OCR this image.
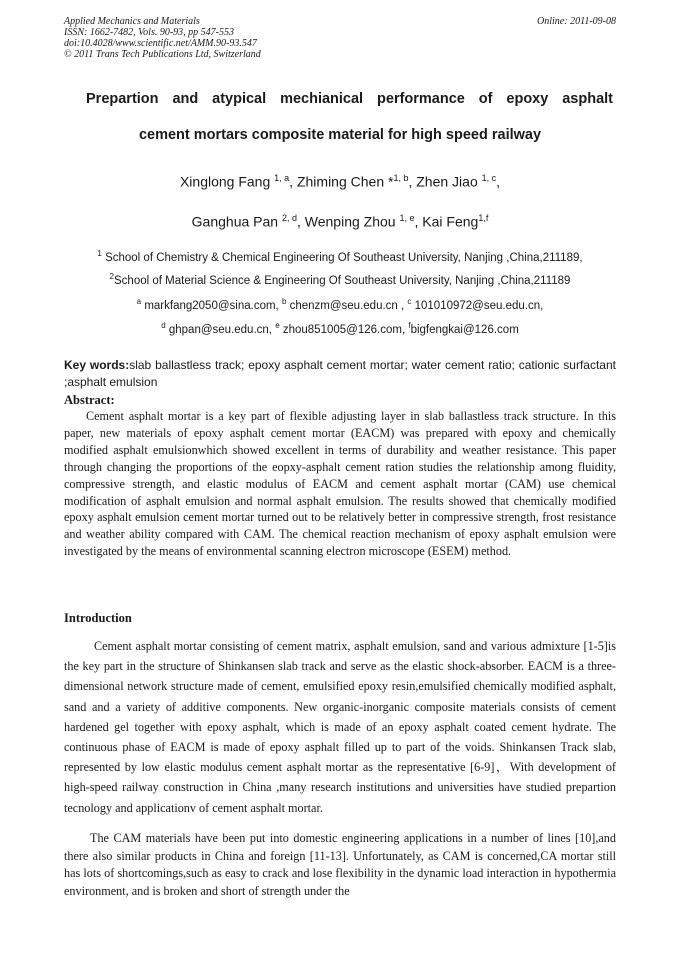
Applied Mechanics and Materials
ISSN: 1662-7482, Vols. 90-93, pp 547-553
doi:10.4028/www.scientific.net/AMM.90-93.547
© 2011 Trans Tech Publications Ltd, Switzerland
Online: 2011-09-08
Prepartion and atypical mechianical performance of epoxy asphalt
cement mortars composite material for high speed railway
Xinglong Fang $^{1, a}$, Zhiming Chen *$^{1, b}$, Zhen Jiao $^{1, c}$,
Ganghua Pan $^{2, d}$, Wenping Zhou $^{1, e}$, Kai Feng$^{1,f}$
$^1$ School of Chemistry & Chemical Engineering Of Southeast University, Nanjing ,China,211189,
$^2$School of Material Science & Engineering Of Southeast University, Nanjing ,China,211189
$^a$ markfang2050@sina.com, $^b$ chenzm@seu.edu.cn , $^c$ 101010972@seu.edu.cn,
$^d$ ghpan@seu.edu.cn, $^e$ zhou851005@126.com, $^f$bigfengkai@126.com
Key words:slab ballastless track; epoxy asphalt cement mortar; water cement ratio; cationic surfactant ;asphalt emulsion
Abstract:

Cement asphalt mortar is a key part of flexible adjusting layer in slab ballastless track structure. In this paper, new materials of epoxy asphalt cement mortar (EACM) was prepared with epoxy and chemically modified asphalt emulsionwhich showed excellent in terms of durability and weather resistance. This paper through changing the proportions of the eopxy-asphalt cement ration studies the relationship among fluidity, compressive strength, and elastic modulus of EACM and cement asphalt mortar (CAM) use chemical modification of asphalt emulsion and normal asphalt emulsion. The results showed that chemically modified epoxy asphalt emulsion cement mortar turned out to be relatively better in compressive strength, frost resistance and weather ability compared with CAM. The chemical reaction mechanism of epoxy asphalt emulsion were investigated by the means of environmental scanning electron microscope (ESEM) method.

Introduction

Cement asphalt mortar consisting of cement matrix, asphalt emulsion, sand and various admixture [1-5]is the key part in the structure of Shinkansen slab track and serve as the elastic shock-absorber. EACM is a three-dimensional network structure made of cement, emulsified epoxy resin,emulsified chemically modified asphalt, sand and a variety of additive components. New organic-inorganic composite materials consists of cement hardened gel together with epoxy asphalt, which is made of an epoxy asphalt coated cement hydrate. The continuous phase of EACM is made of epoxy asphalt filled up to part of the voids. Shinkansen Track slab, represented by low elastic modulus cement asphalt mortar as the representative [6-9]，With development of high-speed railway construction in China ,many research institutions and universities have studied prepartion tecnology and applicationv of cement asphalt mortar.

The CAM materials have been put into domestic engineering applications in a number of lines [10],and there also similar products in China and foreign [11-13]. Unfortunately, as CAM is concerned,CA mortar still has lots of shortcomings,such as easy to crack and lose flexibility in the dynamic load interaction in hypothermia environment, and is broken and short of strength under the
